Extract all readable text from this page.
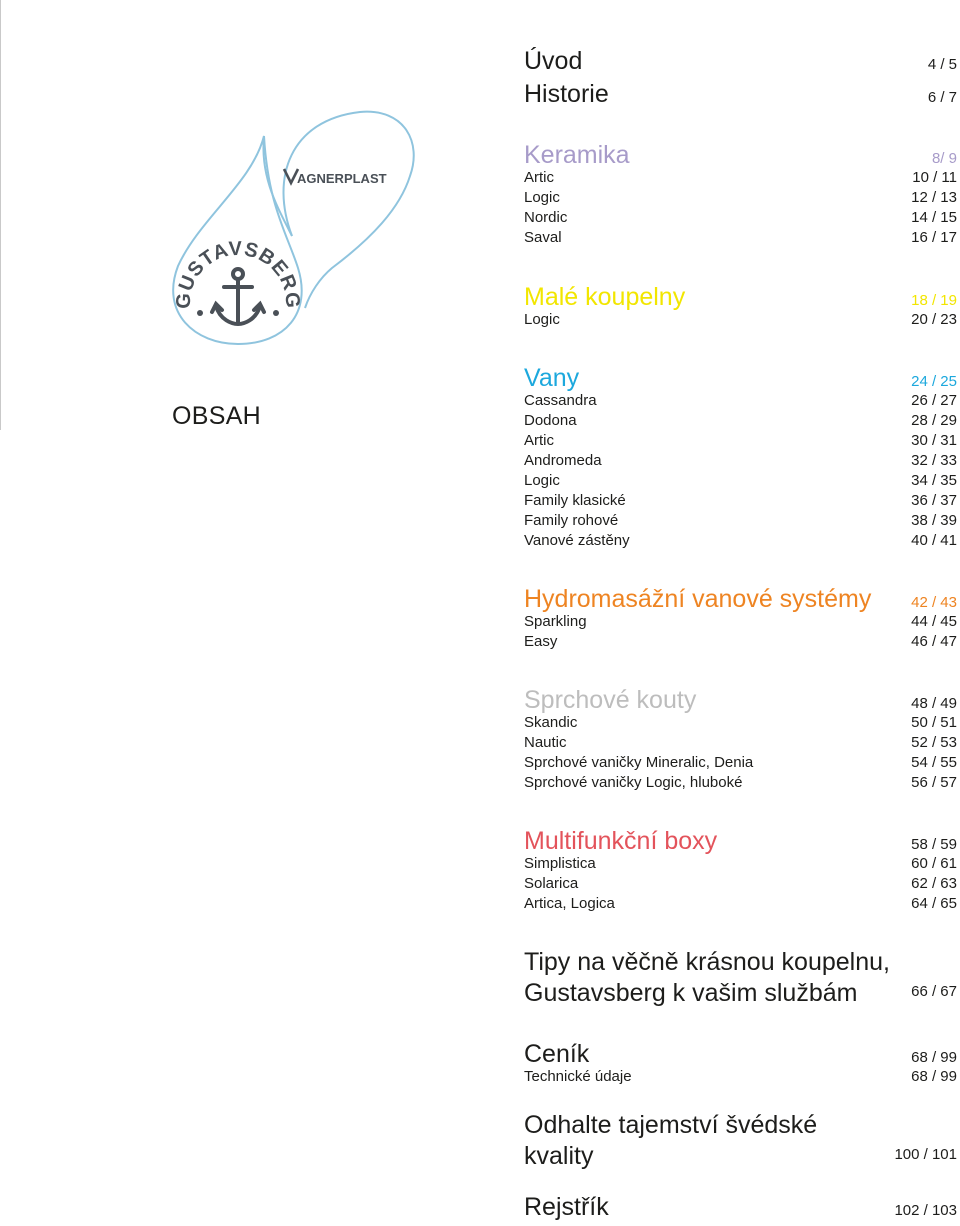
AGNERPLAST
GUSTAVSBERG
OBSAH
Úvod	4 / 5
Historie	6 / 7
Keramika	8/ 9
Artic	10 / 11
Logic	12 / 13
Nordic	14 / 15
Saval	16 / 17
Malé koupelny	18 / 19
Logic	20 / 23
Vany	24 / 25
Cassandra	26 / 27
Dodona	28 / 29
Artic	30 / 31
Andromeda	32 / 33
Logic	34 / 35
Family klasické	36 / 37
Family rohové	38 / 39
Vanové zástěny	40 / 41
Hydromasážní vanové systémy	42 / 43
Sparkling	44 / 45
Easy	46 / 47
Sprchové kouty	48 / 49
Skandic	50 / 51
Nautic	52 / 53
Sprchové vaničky Mineralic, Denia	54 / 55
Sprchové vaničky Logic, hluboké	56 / 57
Multifunkční boxy	58 / 59
Simplistica	60 / 61
Solarica	62 / 63
Artica, Logica	64 / 65
Tipy na věčně krásnou koupelnu,
Gustavsberg k vašim službám	66 / 67
Ceník	68 / 99
Technické údaje	68 / 99
Odhalte tajemství švédské
kvality	100 / 101
Rejstřík	102 / 103
